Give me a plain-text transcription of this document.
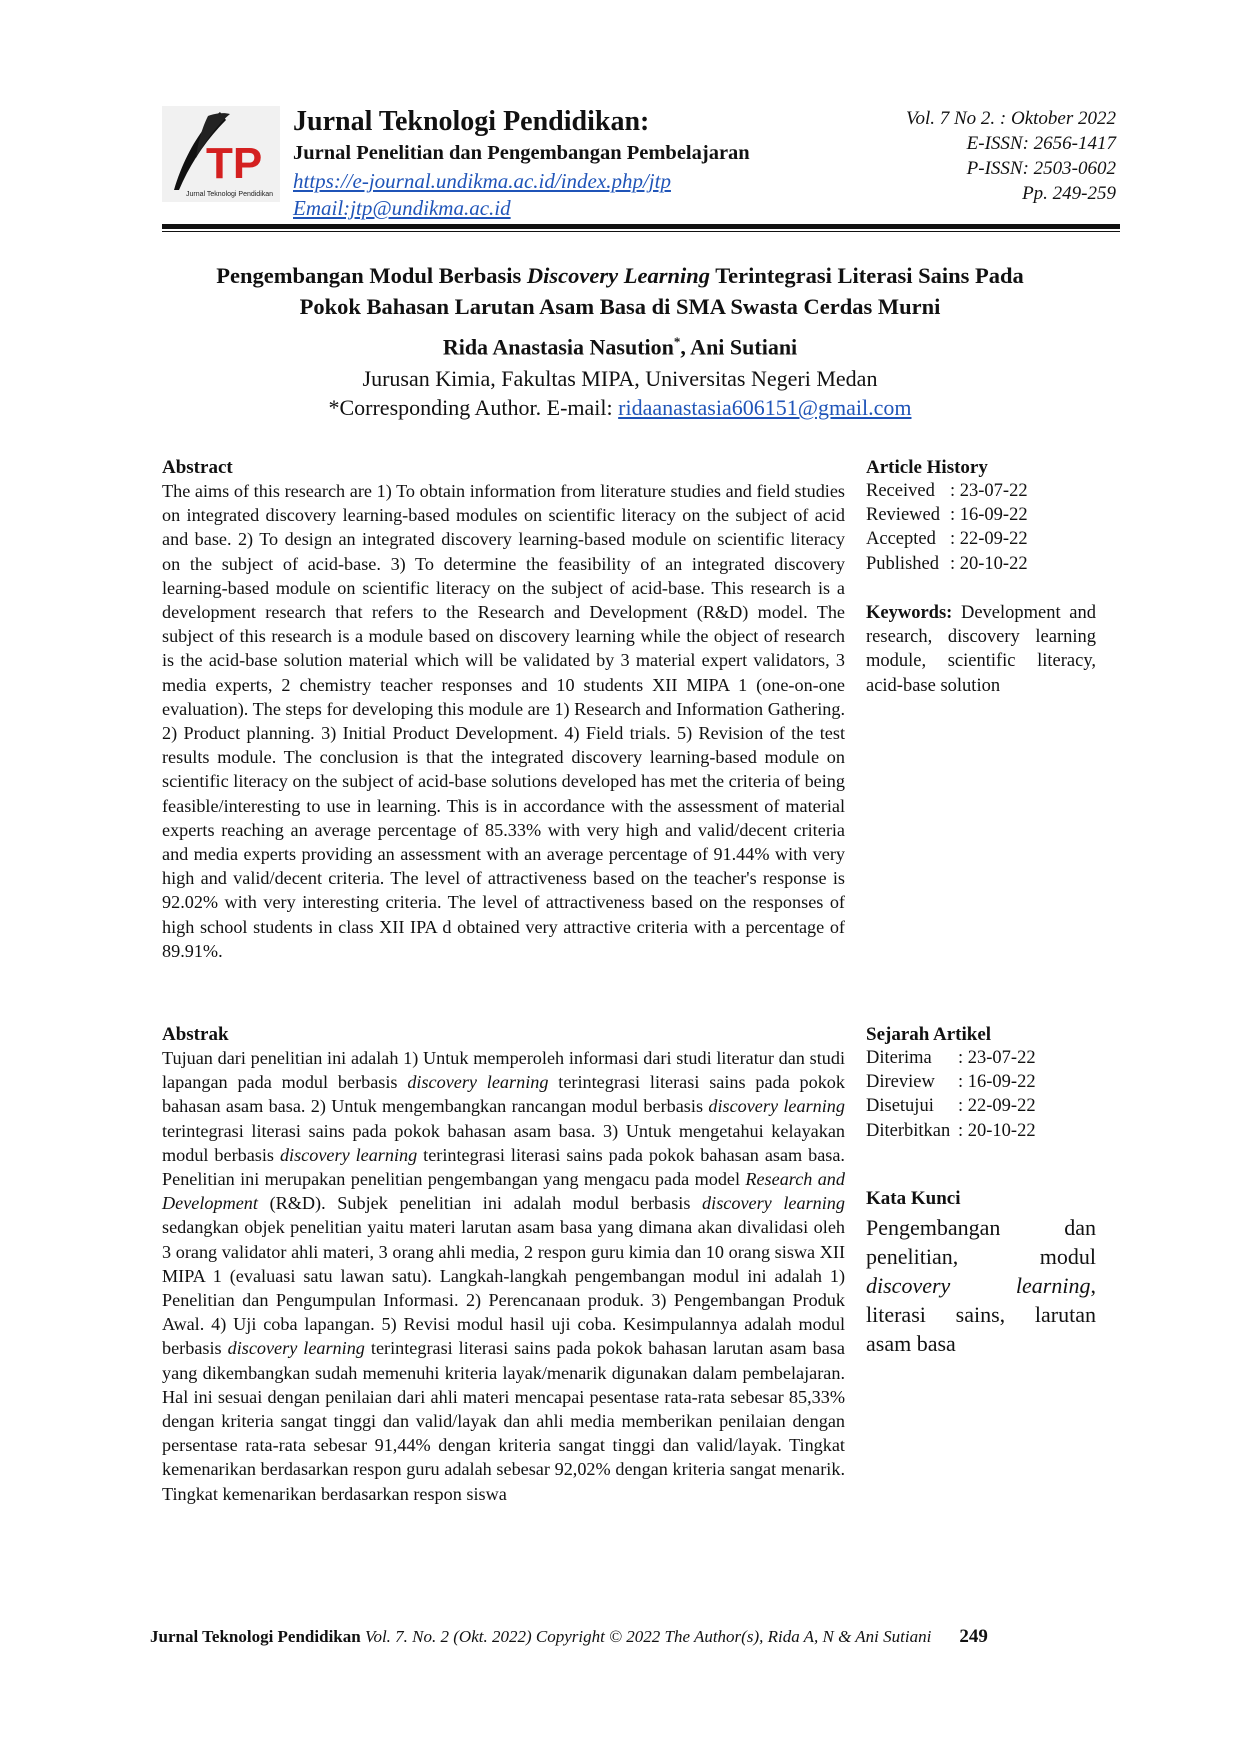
TP
Jurnal Teknologi Pendidikan
Jurnal Teknologi Pendidikan:
Jurnal Penelitian dan Pengembangan Pembelajaran
https://e-journal.undikma.ac.id/index.php/jtp
Email:jtp@undikma.ac.id
Vol. 7 No 2. : Oktober 2022
E-ISSN: 2656-1417
P-ISSN: 2503-0602
Pp. 249-259
Pengembangan Modul Berbasis Discovery Learning Terintegrasi Literasi Sains Pada
Pokok Bahasan Larutan Asam Basa di SMA Swasta Cerdas Murni
Rida Anastasia Nasution*, Ani Sutiani
Jurusan Kimia, Fakultas MIPA, Universitas Negeri Medan
*Corresponding Author. E-mail: ridaanastasia606151@gmail.com
Abstract
The aims of this research are 1) To obtain information from literature studies and field studies on integrated discovery learning-based modules on scientific literacy on the subject of acid and base. 2) To design an integrated discovery learning-based module on scientific literacy on the subject of acid-base. 3) To determine the feasibility of an integrated discovery learning-based module on scientific literacy on the subject of acid-base. This research is a development research that refers to the Research and Development (R&D) model. The subject of this research is a module based on discovery learning while the object of research is the acid-base solution material which will be validated by 3 material expert validators, 3 media experts, 2 chemistry teacher responses and 10 students XII MIPA 1 (one-on-one evaluation). The steps for developing this module are 1) Research and Information Gathering. 2) Product planning. 3) Initial Product Development. 4) Field trials. 5) Revision of the test results module. The conclusion is that the integrated discovery learning-based module on scientific literacy on the subject of acid-base solutions developed has met the criteria of being feasible/interesting to use in learning. This is in accordance with the assessment of material experts reaching an average percentage of 85.33% with very high and valid/decent criteria and media experts providing an assessment with an average percentage of 91.44% with very high and valid/decent criteria. The level of attractiveness based on the teacher's response is 92.02% with very interesting criteria. The level of attractiveness based on the responses of high school students in class XII IPA d obtained very attractive criteria with a percentage of 89.91%.
Article History
Received : 23-07-22
Reviewed : 16-09-22
Accepted : 22-09-22
Published : 20-10-22
Keywords: Development and research, discovery learning module, scientific literacy, acid-base solution
Abstrak
Tujuan dari penelitian ini adalah 1) Untuk memperoleh informasi dari studi literatur dan studi lapangan pada modul berbasis discovery learning terintegrasi literasi sains pada pokok bahasan asam basa. 2) Untuk mengembangkan rancangan modul berbasis discovery learning terintegrasi literasi sains pada pokok bahasan asam basa. 3) Untuk mengetahui kelayakan modul berbasis discovery learning terintegrasi literasi sains pada pokok bahasan asam basa. Penelitian ini merupakan penelitian pengembangan yang mengacu pada model Research and Development (R&D). Subjek penelitian ini adalah modul berbasis discovery learning sedangkan objek penelitian yaitu materi larutan asam basa yang dimana akan divalidasi oleh 3 orang validator ahli materi, 3 orang ahli media, 2 respon guru kimia dan 10 orang siswa XII MIPA 1 (evaluasi satu lawan satu). Langkah-langkah pengembangan modul ini adalah 1) Penelitian dan Pengumpulan Informasi. 2) Perencanaan produk. 3) Pengembangan Produk Awal. 4) Uji coba lapangan. 5) Revisi modul hasil uji coba. Kesimpulannya adalah modul berbasis discovery learning terintegrasi literasi sains pada pokok bahasan larutan asam basa yang dikembangkan sudah memenuhi kriteria layak/menarik digunakan dalam pembelajaran. Hal ini sesuai dengan penilaian dari ahli materi mencapai pesentase rata-rata sebesar 85,33% dengan kriteria sangat tinggi dan valid/layak dan ahli media memberikan penilaian dengan persentase rata-rata sebesar 91,44% dengan kriteria sangat tinggi dan valid/layak. Tingkat kemenarikan berdasarkan respon guru adalah sebesar 92,02% dengan kriteria sangat menarik. Tingkat kemenarikan berdasarkan respon siswa
Sejarah Artikel
Diterima	: 23-07-22
Direview	: 16-09-22
Disetujui	: 22-09-22
Diterbitkan : 20-10-22
Kata Kunci
Pengembangan dan penelitian, modul discovery learning, literasi sains, larutan asam basa
Jurnal Teknologi Pendidikan Vol. 7. No. 2 (Okt. 2022) Copyright © 2022 The Author(s), Rida A, N & Ani Sutiani 249
